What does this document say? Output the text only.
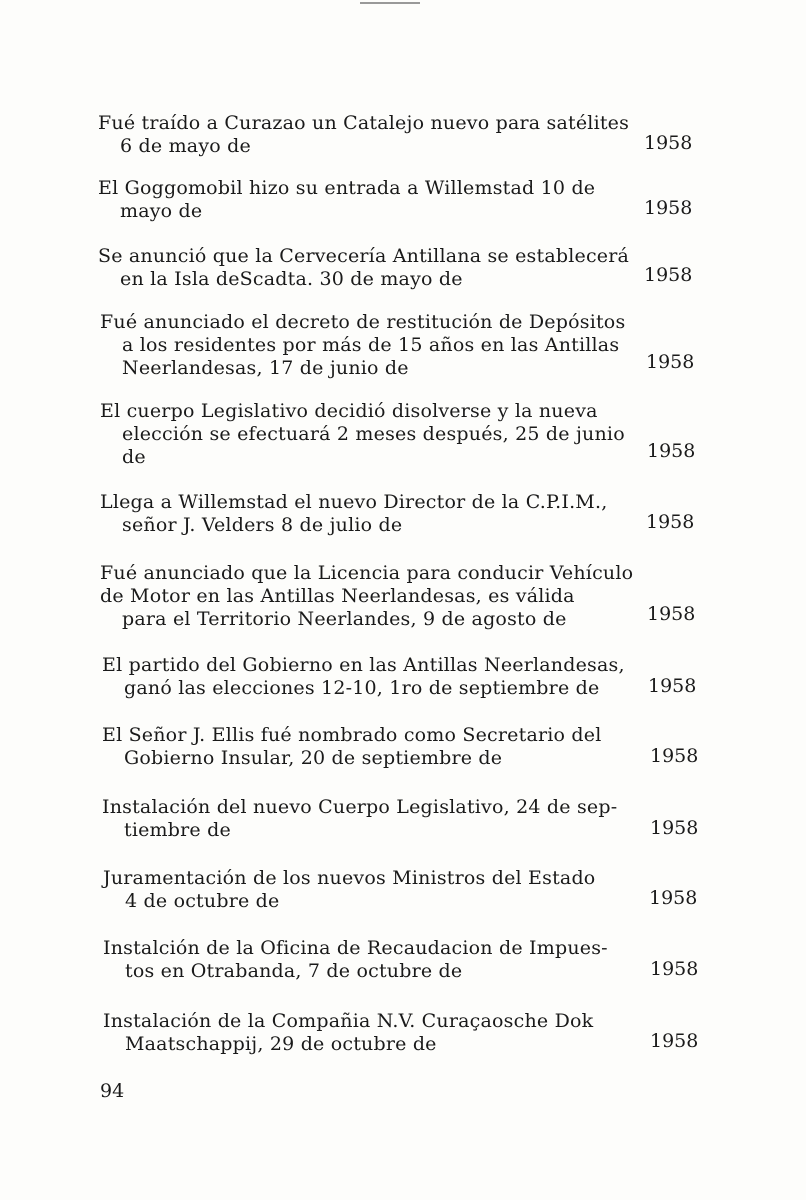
Fué traído a Curazao un Catalejo nuevo para satélites
6 de mayo de	1958
El Goggomobil hizo su entrada a Willemstad 10 de
mayo de	1958
Se anunció que la Cervecería Antillana se establecerá
en la Isla deScadta. 30 de mayo de	1958
Fué anunciado el decreto de restitución de Depósitos
a los residentes por más de 15 años en las Antillas
Neerlandesas, 17 de junio de	1958
El cuerpo Legislativo decidió disolverse y la nueva
elección se efectuará 2 meses después, 25 de junio
de	1958
Llega a Willemstad el nuevo Director de la C.P.I.M.,
señor J. Velders 8 de julio de	1958
Fué anunciado que la Licencia para conducir Vehículo
de Motor en las Antillas Neerlandesas, es válida
para el Territorio Neerlandes, 9 de agosto de	1958
El partido del Gobierno en las Antillas Neerlandesas,
ganó las elecciones 12-10, 1ro de septiembre de	1958
El Señor J. Ellis fué nombrado como Secretario del
Gobierno Insular, 20 de septiembre de	1958
Instalación del nuevo Cuerpo Legislativo, 24 de sep-
tiembre de	1958
Juramentación de los nuevos Ministros del Estado
4 de octubre de	1958
Instalción de la Oficina de Recaudacion de Impues-
tos en Otrabanda, 7 de octubre de	1958
Instalación de la Compañia N.V. Curaçaosche Dok
Maatschappij, 29 de octubre de	1958
94
